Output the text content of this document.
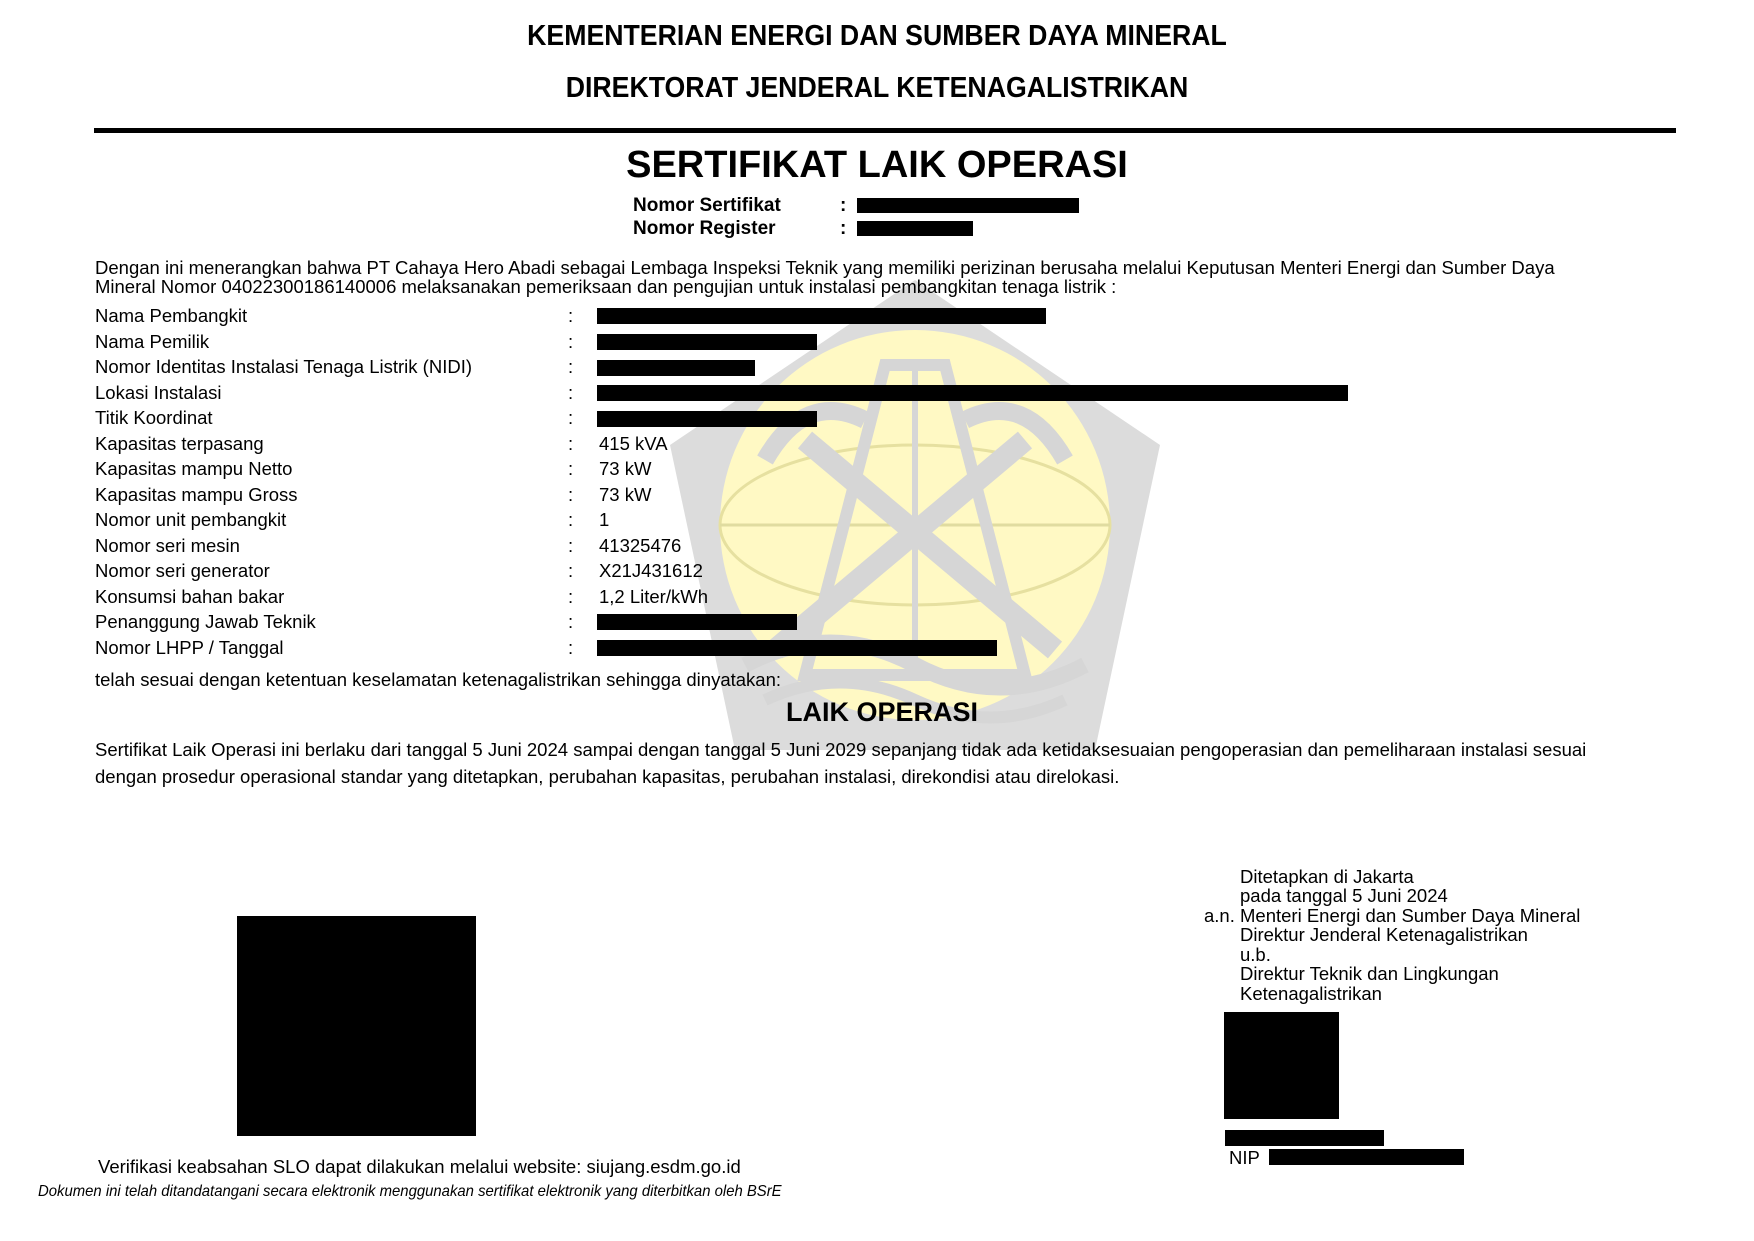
KEMENTERIAN ENERGI DAN SUMBER DAYA MINERAL
DIREKTORAT JENDERAL KETENAGALISTRIKAN
SERTIFIKAT LAIK OPERASI
Nomor Sertifikat	:
Nomor Register	:
Dengan ini menerangkan bahwa PT Cahaya Hero Abadi sebagai Lembaga Inspeksi Teknik yang memiliki perizinan berusaha melalui Keputusan Menteri Energi dan Sumber Daya
Mineral Nomor 04022300186140006 melaksanakan pemeriksaan dan pengujian untuk instalasi pembangkitan tenaga listrik :
Nama Pembangkit	:
Nama Pemilik	:
Nomor Identitas Instalasi Tenaga Listrik (NIDI)	:
Lokasi Instalasi	:
Titik Koordinat	:
Kapasitas terpasang	: 415 kVA
Kapasitas mampu Netto	: 73 kW
Kapasitas mampu Gross	: 73 kW
Nomor unit pembangkit	: 1
Nomor seri mesin	: 41325476
Nomor seri generator	: X21J431612
Konsumsi bahan bakar	: 1,2 Liter/kWh
Penanggung Jawab Teknik	:
Nomor LHPP / Tanggal	:
telah sesuai dengan ketentuan keselamatan ketenagalistrikan sehingga dinyatakan:
LAIK OPERASI
Sertifikat Laik Operasi ini berlaku dari tanggal 5 Juni 2024 sampai dengan tanggal 5 Juni 2029 sepanjang tidak ada ketidaksesuaian pengoperasian dan pemeliharaan instalasi sesuai
dengan prosedur operasional standar yang ditetapkan, perubahan kapasitas, perubahan instalasi, direkondisi atau direlokasi.
Ditetapkan di Jakarta
pada tanggal 5 Juni 2024
a.n. Menteri Energi dan Sumber Daya Mineral
Direktur Jenderal Ketenagalistrikan
u.b.
Direktur Teknik dan Lingkungan
Ketenagalistrikan
NIP
Verifikasi keabsahan SLO dapat dilakukan melalui website: siujang.esdm.go.id
Dokumen ini telah ditandatangani secara elektronik menggunakan sertifikat elektronik yang diterbitkan oleh BSrE
